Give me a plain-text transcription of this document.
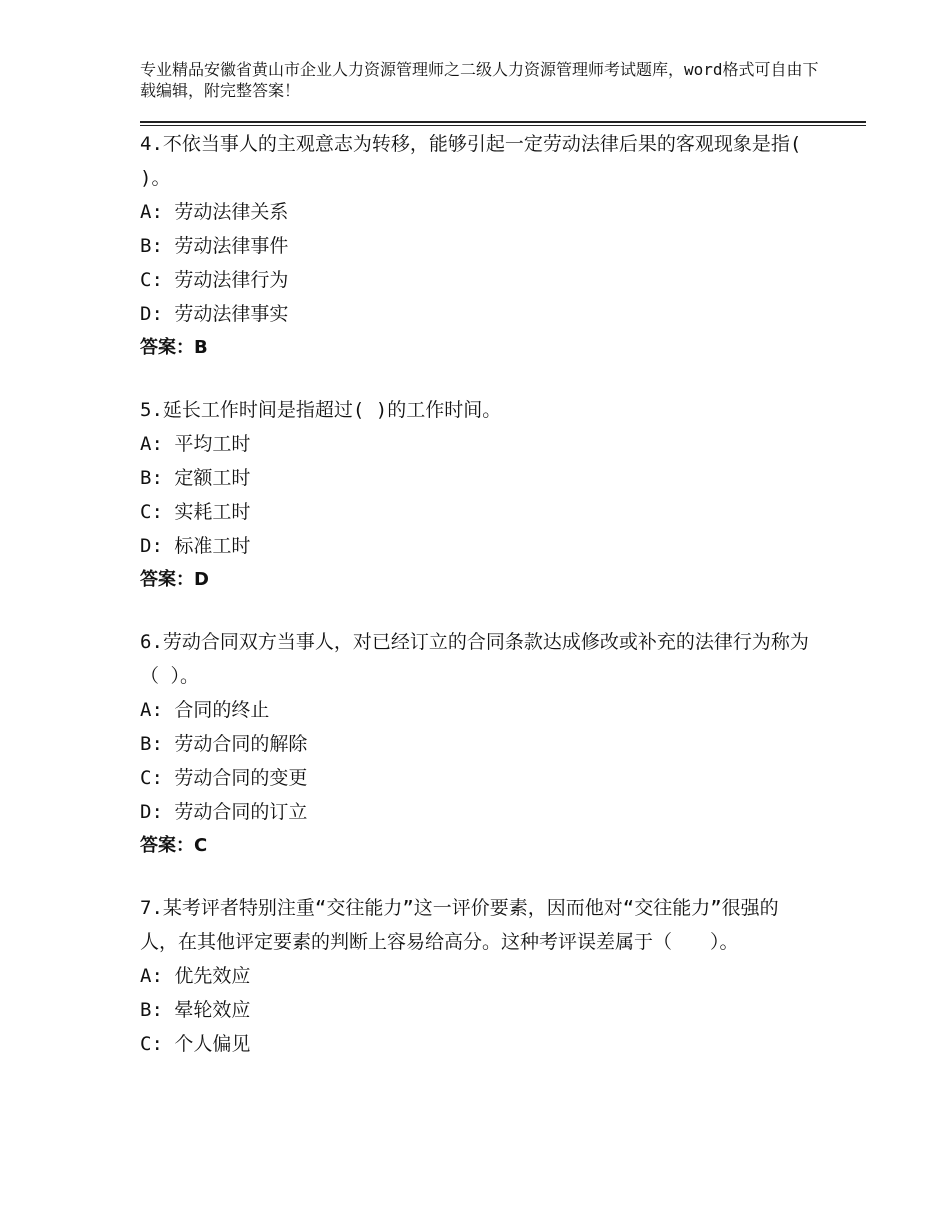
专业精品安徽省黄山市企业人力资源管理师之二级人力资源管理师考试题库，word格式可自由下载编辑，附完整答案！

4.不依当事人的主观意志为转移，能够引起一定劳动法律后果的客观现象是指( )。

A: 劳动法律关系

B: 劳动法律事件

C: 劳动法律行为

D: 劳动法律事实

答案：B

5.延长工作时间是指超过( )的工作时间。

A: 平均工时

B: 定额工时

C: 实耗工时

D: 标准工时

答案：D

6.劳动合同双方当事人，对已经订立的合同条款达成修改或补充的法律行为称为（ ）。

A: 合同的终止

B: 劳动合同的解除

C: 劳动合同的变更

D: 劳动合同的订立

答案：C

7.某考评者特别注重“交往能力”这一评价要素，因而他对“交往能力”很强的人，在其他评定要素的判断上容易给高分。这种考评误差属于（　　）。

A: 优先效应

B: 晕轮效应

C: 个人偏见
